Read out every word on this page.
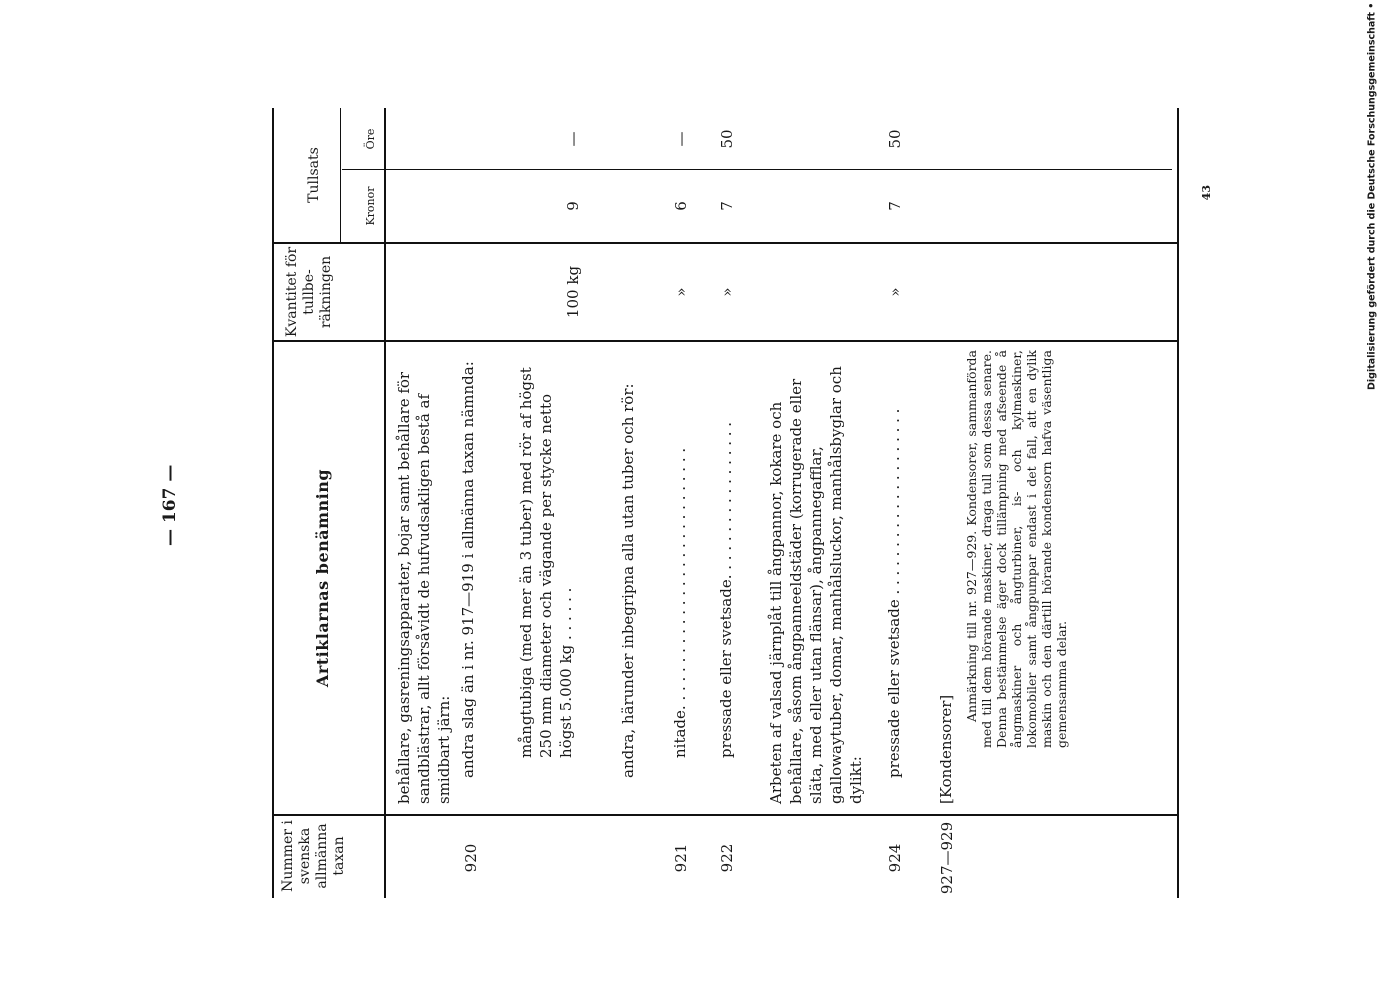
— 167 —
43	Digitalisierung gefördert durch die Deutsche Forschungsgemeinschaft •
Nummer i svenska allmänna taxan
Artiklarnas benämning
Kvantitet för tullbe- räkningen
Tullsats
Kronor
Öre
behållare, gasreningsapparater, bojar samt behållare för sandblästrar, allt försåvidt de hufvudsakligen bestå af smidbart järn:
920
andra slag än i nr. 917—919 i allmänna taxan nämnda:	mångtubiga (med mer än 3 tuber) med rör af högst 250 mm diameter och vägande per stycke netto högst 5.000 kg . . . . . .
100 kg
9
—
andra, härunder inbegripna alla utan tuber och rör:
921
nitade. . . . . . . . . . . . . . . . . . . . . . . . . . . .
»
6
—
922
pressade eller svetsade. . . . . . . . . . . . . . . . .
»
7
50
Arbeten af valsad järnplåt till ångpannor, kokare och behållare, såsom ångpanneeldstäder (korrugerade eller släta, med eller utan flänsar), ångpannegafflar, gallowaytuber, domar, manhålsluckor, manhålsbyglar och dylikt:
924
pressade eller svetsade . . . . . . . . . . . . . . . . . . . .
»
7
50
927—929
[Kondensorer]
Anmärkning till nr. 927—929. Kondensorer, sammanförda med till dem hörande maskiner, draga tull som dessa senare. Denna bestämmelse äger dock tillämpning med afseende å ångmaskiner och ångturbiner, is- och kylmaskiner, lokomobiler samt ångpumpar endast i det fall, att en dylik maskin och den därtill hörande kondensorn hafva väsentliga gemensamma delar.
